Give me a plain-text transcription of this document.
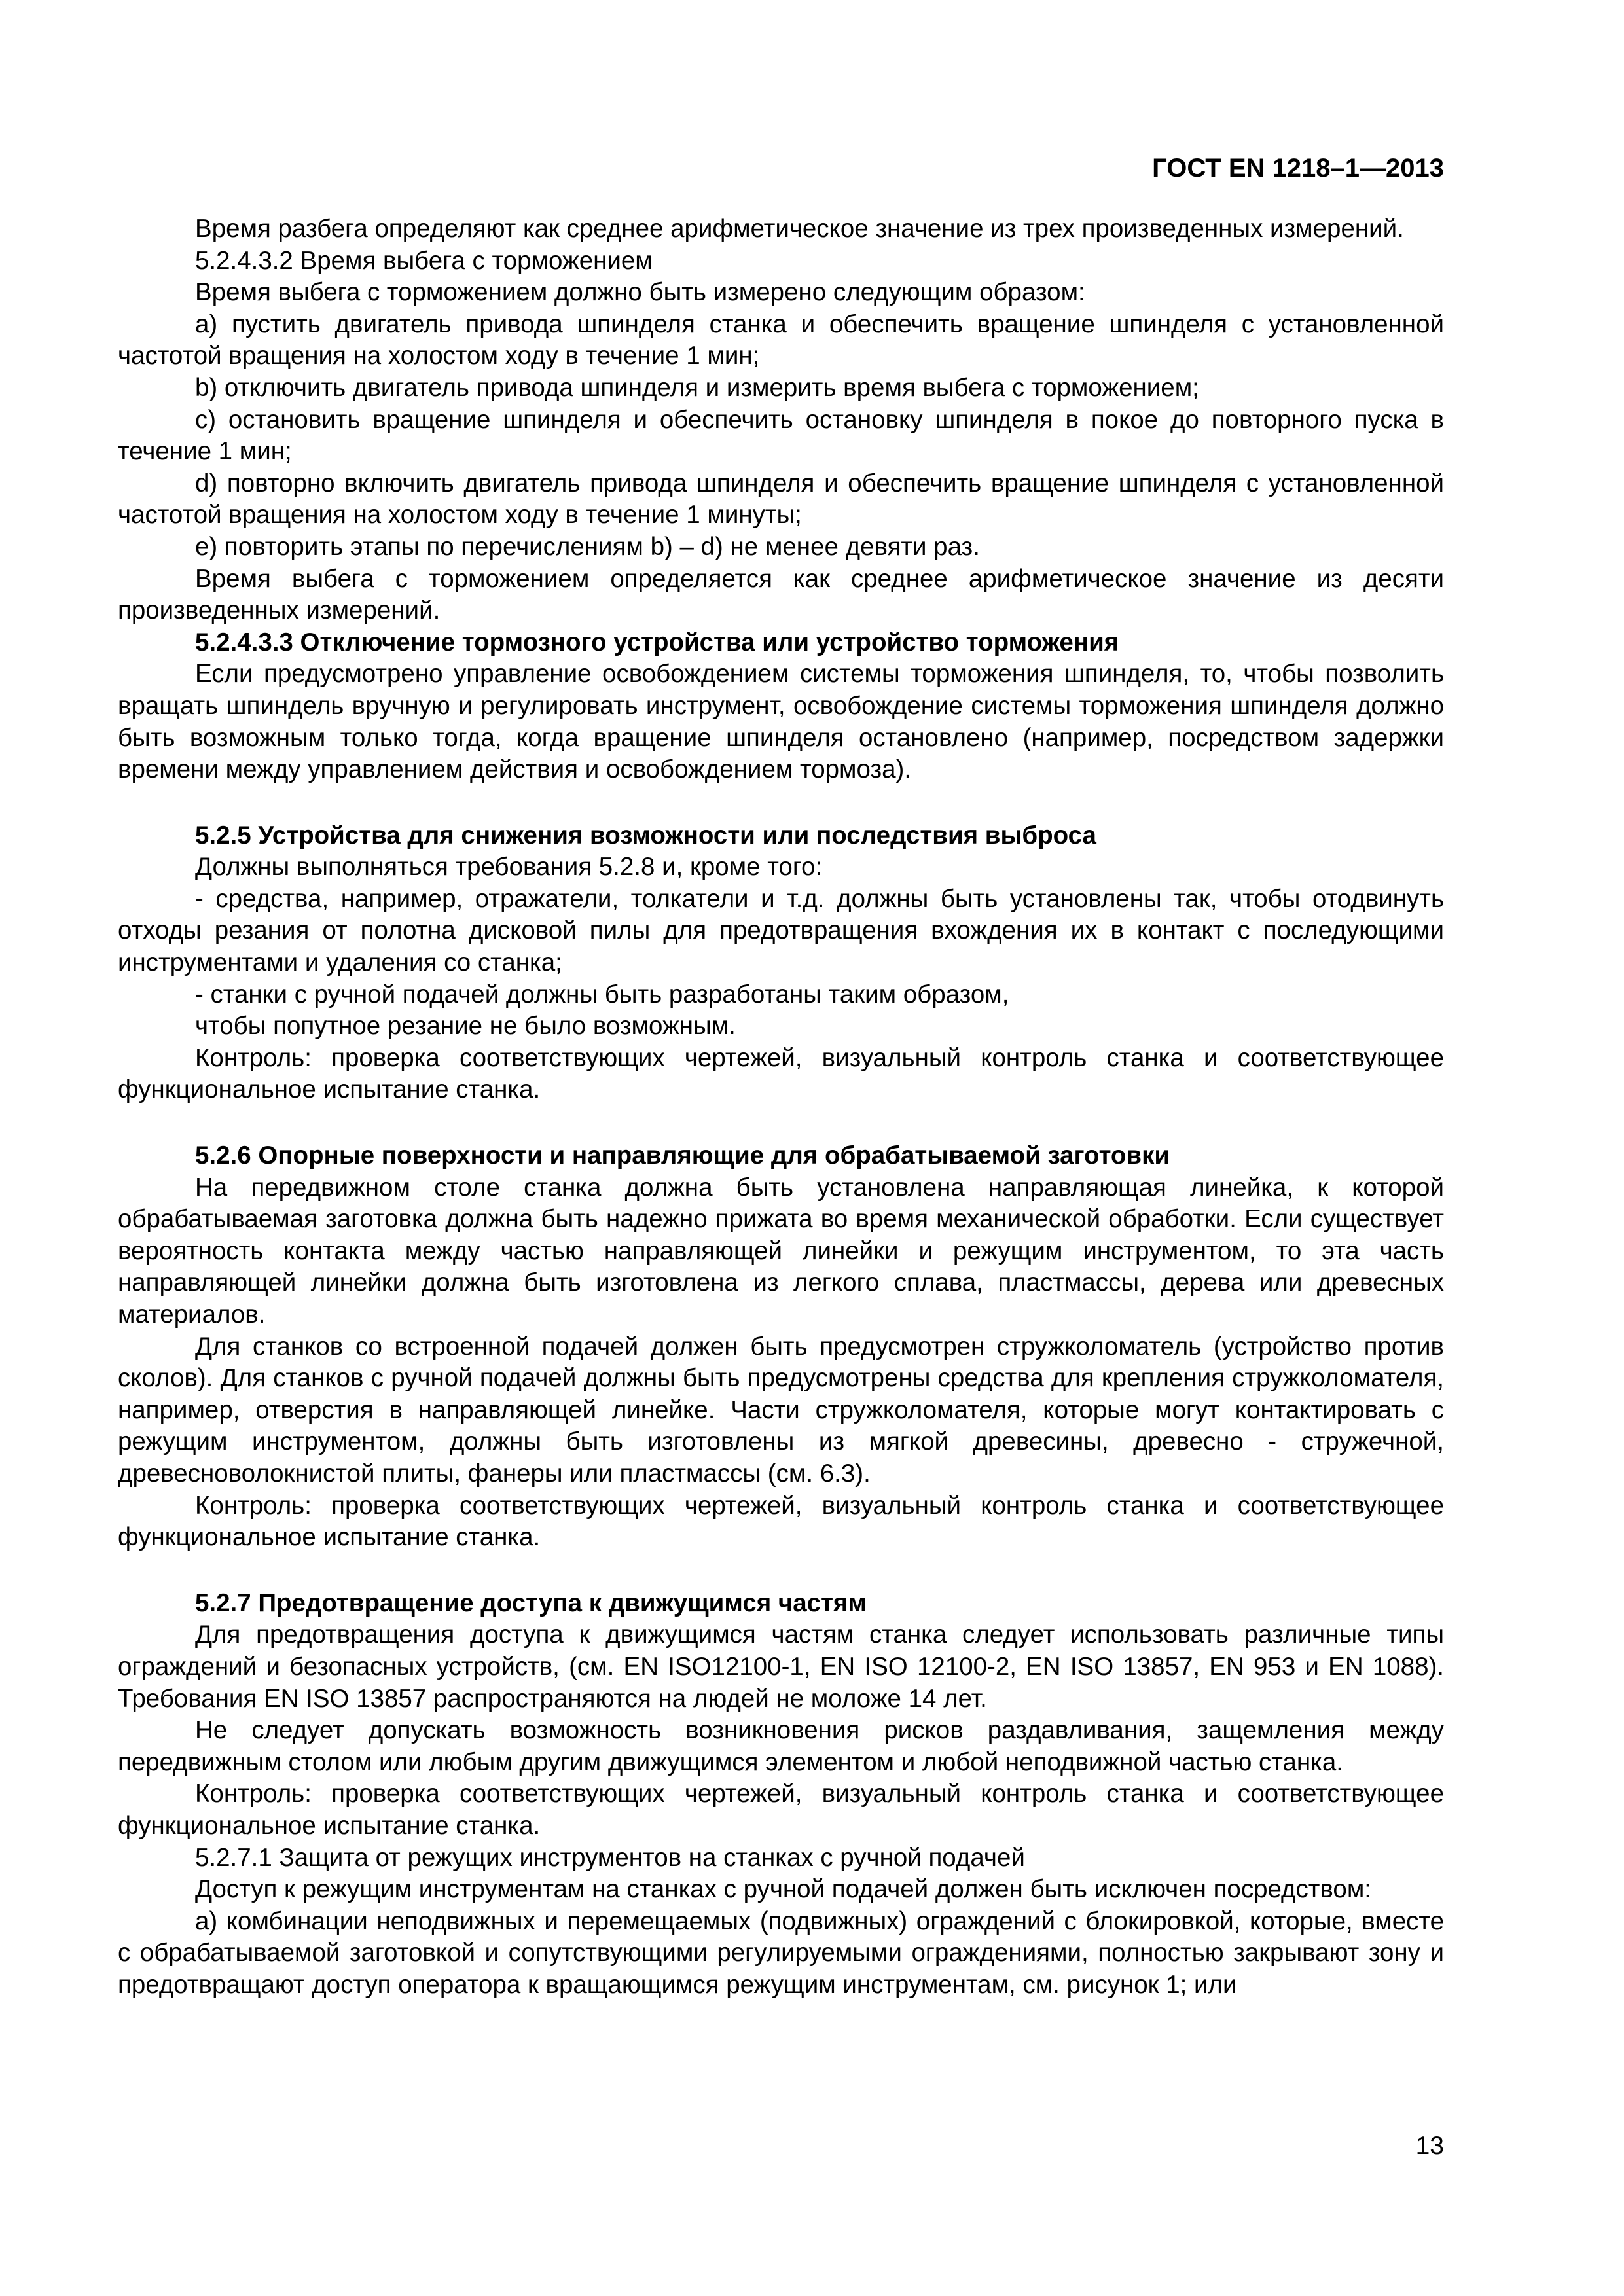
ГОСТ EN 1218–1—2013

Время разбега определяют как среднее арифметическое значение из трех произведенных измерений.

5.2.4.3.2 Время выбега с торможением

Время выбега с торможением должно быть измерено следующим образом:

a) пустить двигатель привода шпинделя станка и обеспечить вращение шпинделя с установленной частотой вращения на холостом ходу в течение 1 мин;

b) отключить двигатель привода шпинделя и измерить время выбега с торможением;

c) остановить вращение шпинделя и обеспечить остановку шпинделя в покое до повторного пуска в течение 1 мин;

d) повторно включить двигатель привода шпинделя и обеспечить вращение шпинделя с установленной частотой вращения на холостом ходу в течение 1 минуты;

e) повторить этапы по перечислениям b) – d) не менее девяти раз.

Время выбега с торможением определяется как среднее арифметическое значение из десяти произведенных измерений.

5.2.4.3.3 Отключение тормозного устройства или устройство торможения

Если предусмотрено управление освобождением системы торможения шпинделя, то, чтобы позволить вращать шпиндель вручную и регулировать инструмент, освобождение системы торможения шпинделя должно быть возможным только тогда, когда вращение шпинделя остановлено (например, посредством задержки времени между управлением действия и освобождением тормоза).

5.2.5 Устройства для снижения возможности или последствия выброса

Должны выполняться требования 5.2.8 и, кроме того:

- средства, например, отражатели, толкатели и т.д. должны быть установлены так, чтобы отодвинуть отходы резания от полотна дисковой пилы для предотвращения вхождения их в контакт с последующими инструментами и удаления со станка;

- станки с ручной подачей должны быть разработаны таким образом,

чтобы попутное резание не было возможным.

Контроль: проверка соответствующих чертежей, визуальный контроль станка и соответствующее функциональное испытание станка.

5.2.6 Опорные поверхности и направляющие для обрабатываемой заготовки

На передвижном столе станка должна быть установлена направляющая линейка, к которой обрабатываемая заготовка должна быть надежно прижата во время механической обработки. Если существует вероятность контакта между частью направляющей линейки и режущим инструментом, то эта часть направляющей линейки должна быть изготовлена из легкого сплава, пластмассы, дерева или древесных материалов.

Для станков со встроенной подачей должен быть предусмотрен стружколоматель (устройство против сколов). Для станков с ручной подачей должны быть предусмотрены средства для крепления стружколомателя, например, отверстия в направляющей линейке. Части стружколомателя, которые могут контактировать с режущим инструментом, должны быть изготовлены из мягкой древесины, древесно - стружечной, древесноволокнистой плиты, фанеры или пластмассы (см. 6.3).

Контроль: проверка соответствующих чертежей, визуальный контроль станка и соответствующее функциональное испытание станка.

5.2.7 Предотвращение доступа к движущимся частям

Для предотвращения доступа к движущимся частям станка следует использовать различные типы ограждений и безопасных устройств, (см. EN ISO12100-1, EN ISO 12100-2, EN ISO 13857, EN 953 и EN 1088). Требования EN ISO 13857 распространяются на людей не моложе 14 лет.

Не следует допускать возможность возникновения рисков раздавливания, защемления между передвижным столом или любым другим движущимся элементом и любой неподвижной частью станка.

Контроль: проверка соответствующих чертежей, визуальный контроль станка и соответствующее функциональное испытание станка.

5.2.7.1 Защита от режущих инструментов на станках с ручной подачей

Доступ к режущим инструментам на станках с ручной подачей должен быть исключен посредством:

a) комбинации неподвижных и перемещаемых (подвижных) ограждений с блокировкой, которые, вместе с обрабатываемой заготовкой и сопутствующими регулируемыми ограждениями, полностью закрывают зону и предотвращают доступ оператора к вращающимся режущим инструментам, см. рисунок 1; или

13
